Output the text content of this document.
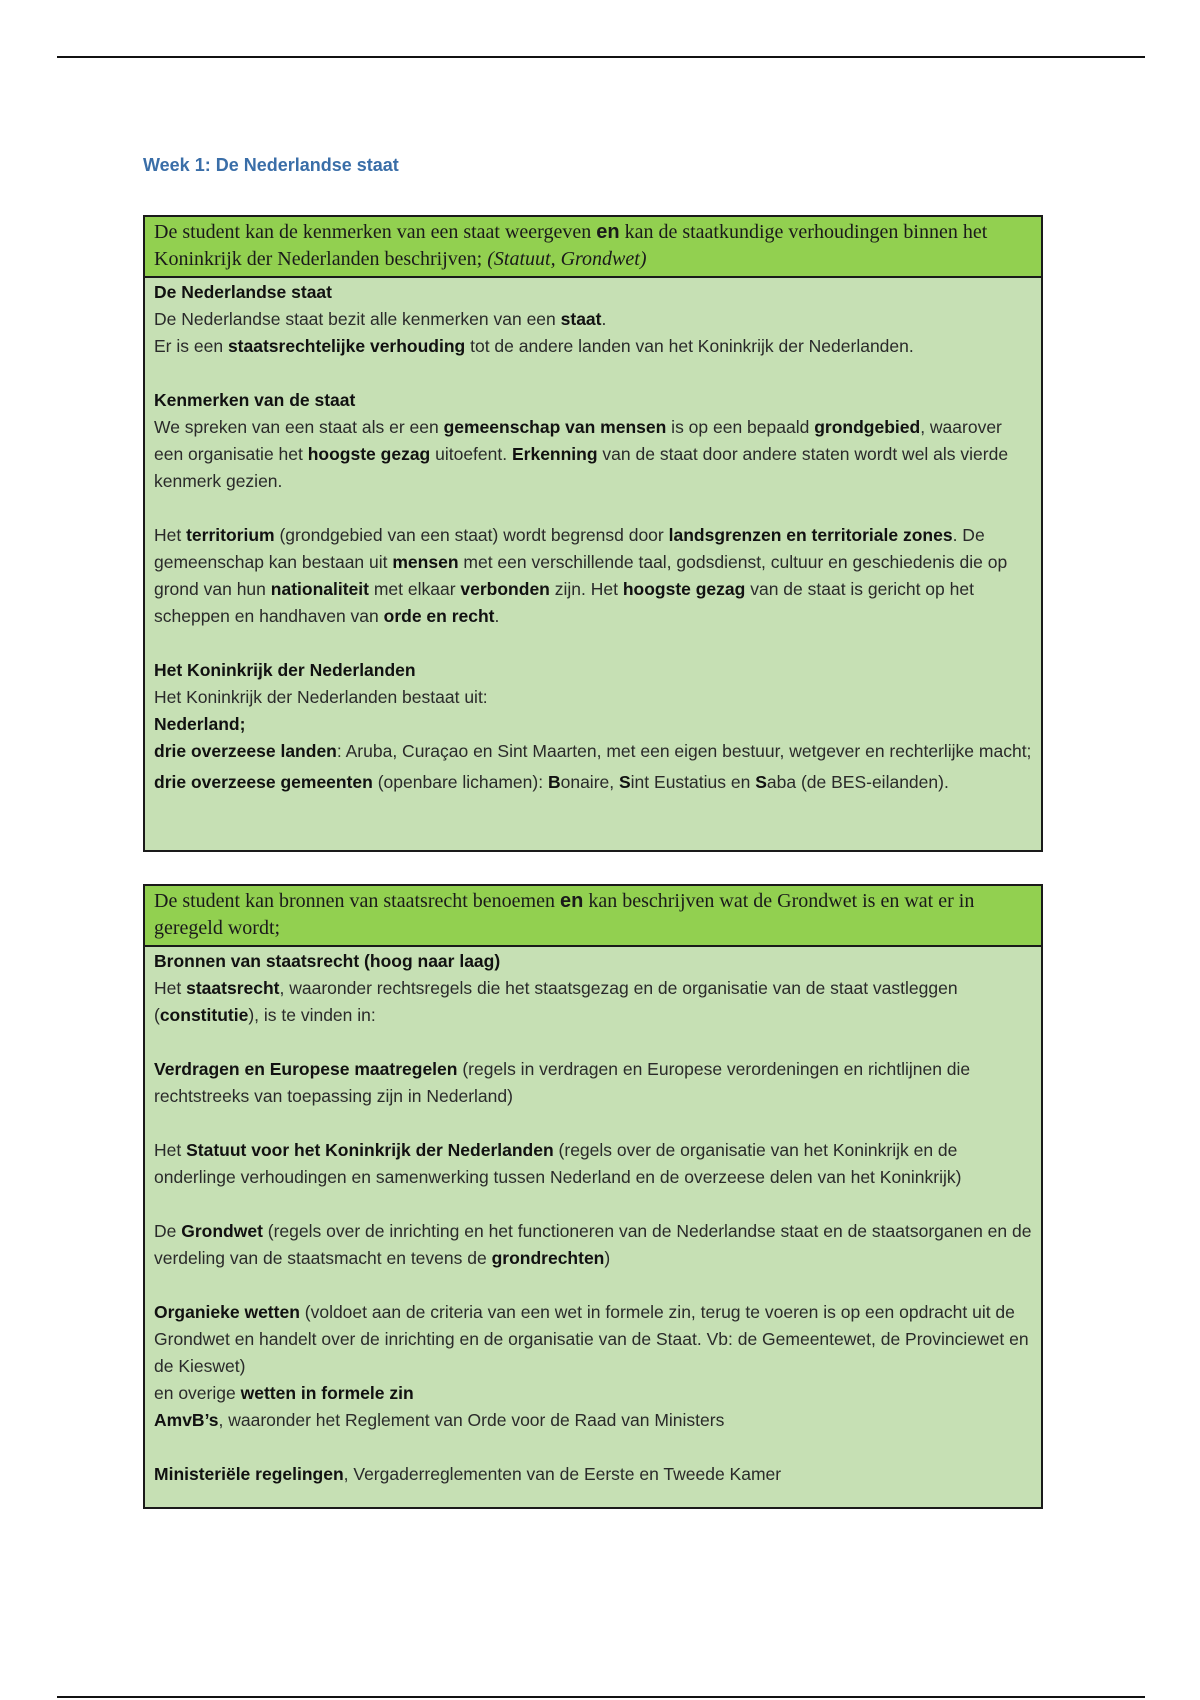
Week 1: De Nederlandse staat
De student kan de kenmerken van een staat weergeven en kan de staatkundige verhoudingen binnen het Koninkrijk der Nederlanden beschrijven; (Statuut, Grondwet)

De Nederlandse staat

De Nederlandse staat bezit alle kenmerken van een staat.

Er is een staatsrechtelijke verhouding tot de andere landen van het Koninkrijk der Nederlanden.

Kenmerken van de staat

We spreken van een staat als er een gemeenschap van mensen is op een bepaald grondgebied, waarover een organisatie het hoogste gezag uitoefent. Erkenning van de staat door andere staten wordt wel als vierde kenmerk gezien.

Het territorium (grondgebied van een staat) wordt begrensd door landsgrenzen en territoriale zones. De gemeenschap kan bestaan uit mensen met een verschillende taal, godsdienst, cultuur en geschiedenis die op grond van hun nationaliteit met elkaar verbonden zijn. Het hoogste gezag van de staat is gericht op het scheppen en handhaven van orde en recht.

Het Koninkrijk der Nederlanden

Het Koninkrijk der Nederlanden bestaat uit:

Nederland;

drie overzeese landen: Aruba, Curaçao en Sint Maarten, met een eigen bestuur, wetgever en rechterlijke macht;

drie overzeese gemeenten (openbare lichamen): Bonaire, Sint Eustatius en Saba (de BES-eilanden).

De student kan bronnen van staatsrecht benoemen en kan beschrijven wat de Grondwet is en wat er in geregeld wordt;

Bronnen van staatsrecht (hoog naar laag)

Het staatsrecht, waaronder rechtsregels die het staatsgezag en de organisatie van de staat vastleggen (constitutie), is te vinden in:

Verdragen en Europese maatregelen (regels in verdragen en Europese verordeningen en richtlijnen die rechtstreeks van toepassing zijn in Nederland)

Het Statuut voor het Koninkrijk der Nederlanden (regels over de organisatie van het Koninkrijk en de onderlinge verhoudingen en samenwerking tussen Nederland en de overzeese delen van het Koninkrijk)

De Grondwet (regels over de inrichting en het functioneren van de Nederlandse staat en de staatsorganen en de verdeling van de staatsmacht en tevens de grondrechten)

Organieke wetten (voldoet aan de criteria van een wet in formele zin, terug te voeren is op een opdracht uit de Grondwet en handelt over de inrichting en de organisatie van de Staat. Vb: de Gemeentewet, de Provinciewet en de Kieswet)

en overige wetten in formele zin

AmvB’s, waaronder het Reglement van Orde voor de Raad van Ministers

Ministeriële regelingen, Vergaderreglementen van de Eerste en Tweede Kamer
